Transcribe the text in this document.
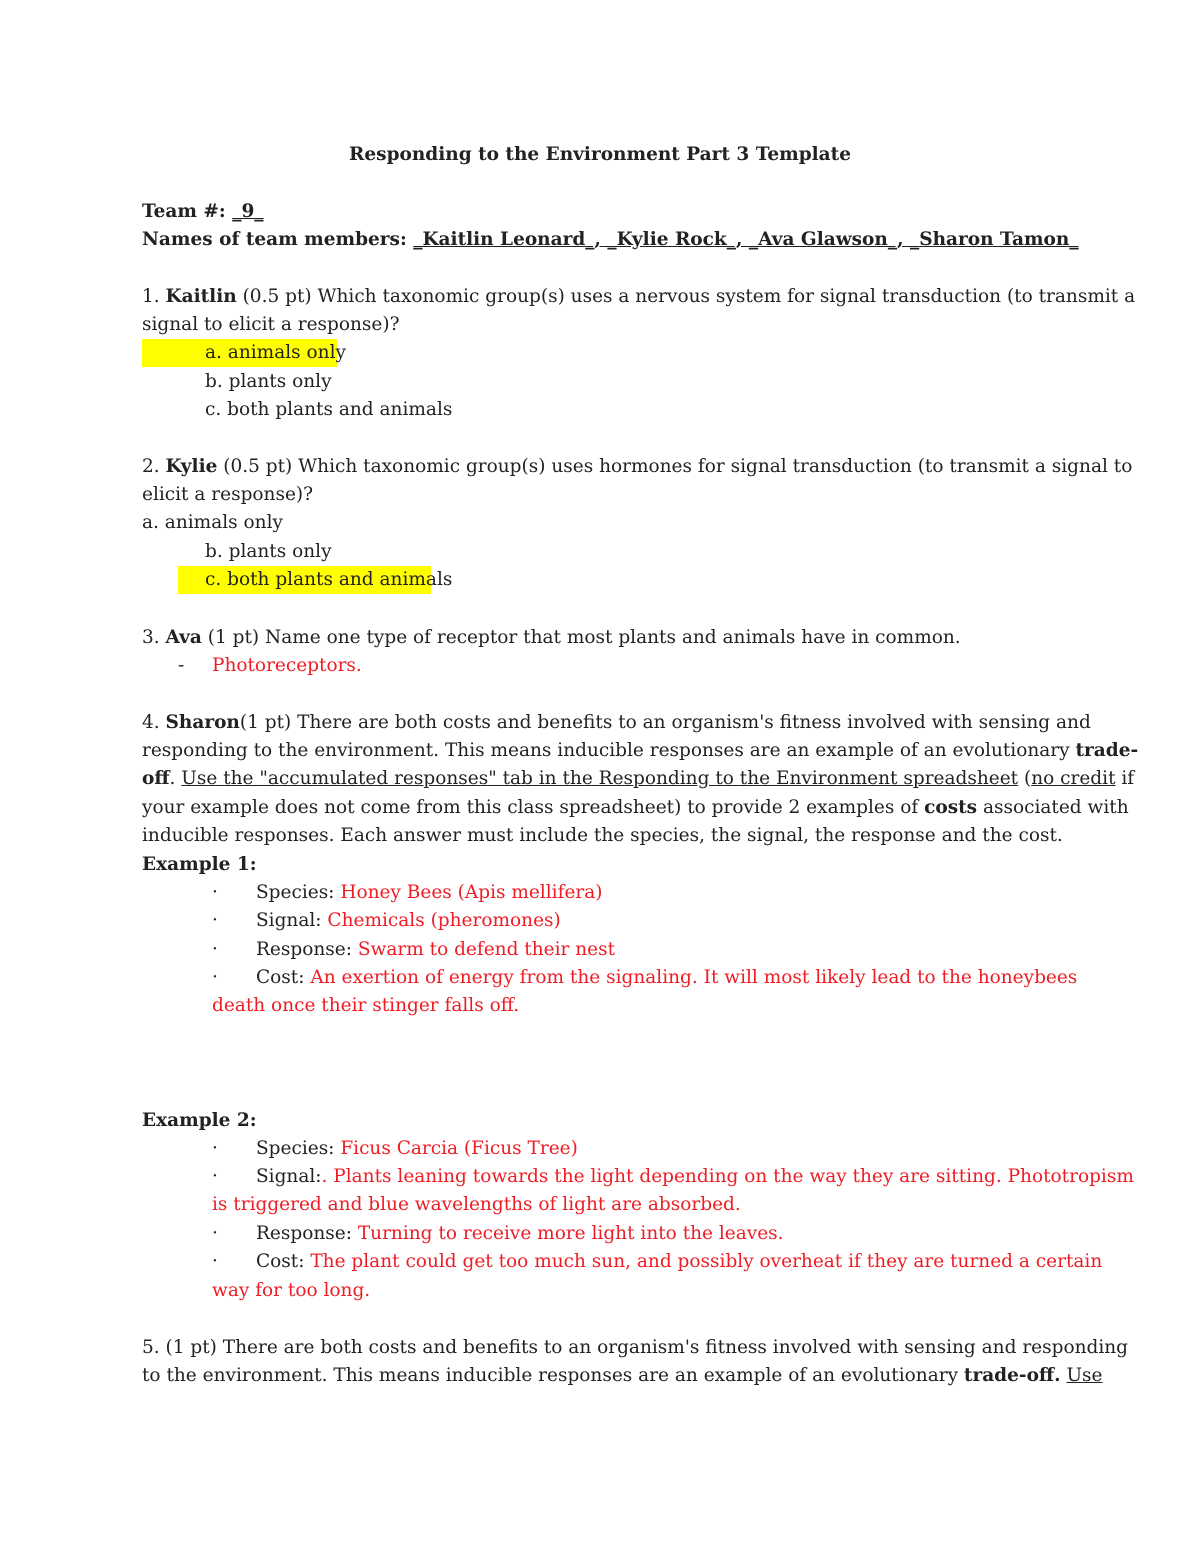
Responding to the Environment Part 3 Template
Team #: _9_
Names of team members: _Kaitlin Leonard_, _Kylie Rock_, _Ava Glawson_, _Sharon Tamon_
1. Kaitlin (0.5 pt) Which taxonomic group(s) uses a nervous system for signal transduction (to transmit a
signal to elicit a response)?
a. animals only
b. plants only
c. both plants and animals
2. Kylie (0.5 pt) Which taxonomic group(s) uses hormones for signal transduction (to transmit a signal to
elicit a response)?
a. animals only
b. plants only
c. both plants and animals
3. Ava (1 pt) Name one type of receptor that most plants and animals have in common.
- Photoreceptors.
4. Sharon(1 pt) There are both costs and benefits to an organism's fitness involved with sensing and
responding to the environment. This means inducible responses are an example of an evolutionary trade-
off. Use the "accumulated responses" tab in the Responding to the Environment spreadsheet (no credit if
your example does not come from this class spreadsheet) to provide 2 examples of costs associated with
inducible responses. Each answer must include the species, the signal, the response and the cost.
Example 1:
· Species: Honey Bees (Apis mellifera)
· Signal: Chemicals (pheromones)
· Response: Swarm to defend their nest
· Cost: An exertion of energy from the signaling. It will most likely lead to the honeybees
death once their stinger falls off.
Example 2:
· Species: Ficus Carcia (Ficus Tree)
· Signal:. Plants leaning towards the light depending on the way they are sitting. Phototropism
is triggered and blue wavelengths of light are absorbed.
· Response: Turning to receive more light into the leaves.
· Cost: The plant could get too much sun, and possibly overheat if they are turned a certain
way for too long.
5. (1 pt) There are both costs and benefits to an organism's fitness involved with sensing and responding
to the environment. This means inducible responses are an example of an evolutionary trade-off. Use
